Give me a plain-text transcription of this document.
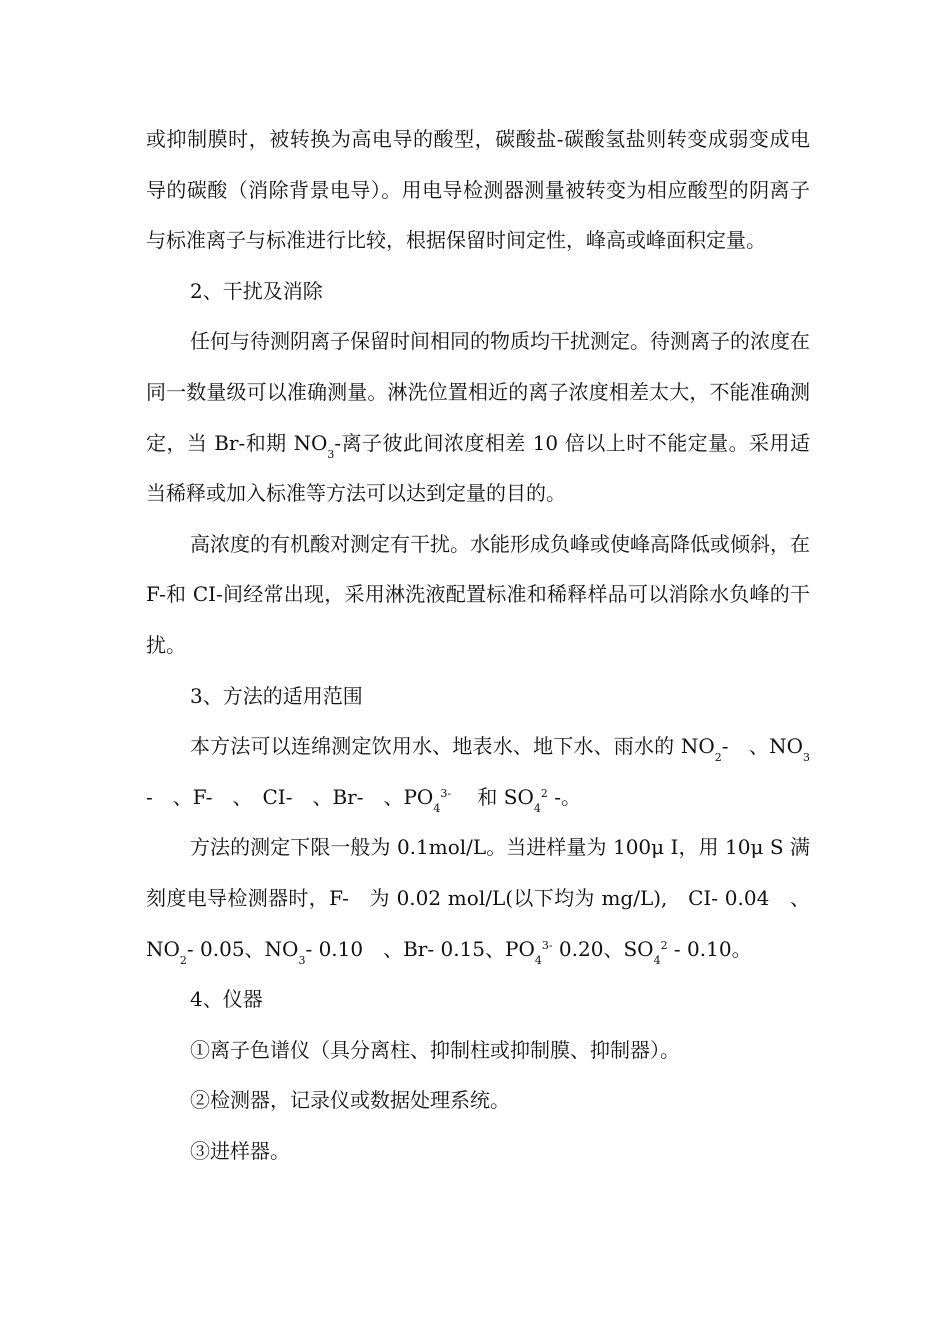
或抑制膜时，被转换为高电导的酸型，碳酸盐-碳酸氢盐则转变成弱变成电导的碳酸（消除背景电导）。用电导检测器测量被转变为相应酸型的阴离子与标准离子与标准进行比较，根据保留时间定性，峰高或峰面积定量。

2、干扰及消除

任何与待测阴离子保留时间相同的物质均干扰测定。待测离子的浓度在同一数量级可以准确测量。淋洗位置相近的离子浓度相差太大，不能准确测定，当 Br-和期 $NO_3-$离子彼此间浓度相差 10 倍以上时不能定量。采用适当稀释或加入标准等方法可以达到定量的目的。

高浓度的有机酸对测定有干扰。水能形成负峰或使峰高降低或倾斜，在 F-和 CI-间经常出现，采用淋洗液配置标准和稀释样品可以消除水负峰的干扰。

3、方法的适用范围

本方法可以连绵测定饮用水、地表水、地下水、雨水的 $NO_2-$　、$NO_3-$　、F-　、　CI-　、Br-　、$PO_4^{3-}$　 和 $SO_4^2$ -。

方法的测定下限一般为 0.1mol/L。当进样量为 100μ I，用 10μ S 满刻度电导检测器时，F-　为 0.02 mol/L(以下均为 mg/L),　CI- 0.04　、$NO_2-$ 0.05、$NO_3-$ 0.10　、Br- 0.15、$PO_4^{3-}$ 0.20、$SO_4^2 - 0.10$。

4、仪器

①离子色谱仪（具分离柱、抑制柱或抑制膜、抑制器）。

②检测器，记录仪或数据处理系统。

③进样器。
